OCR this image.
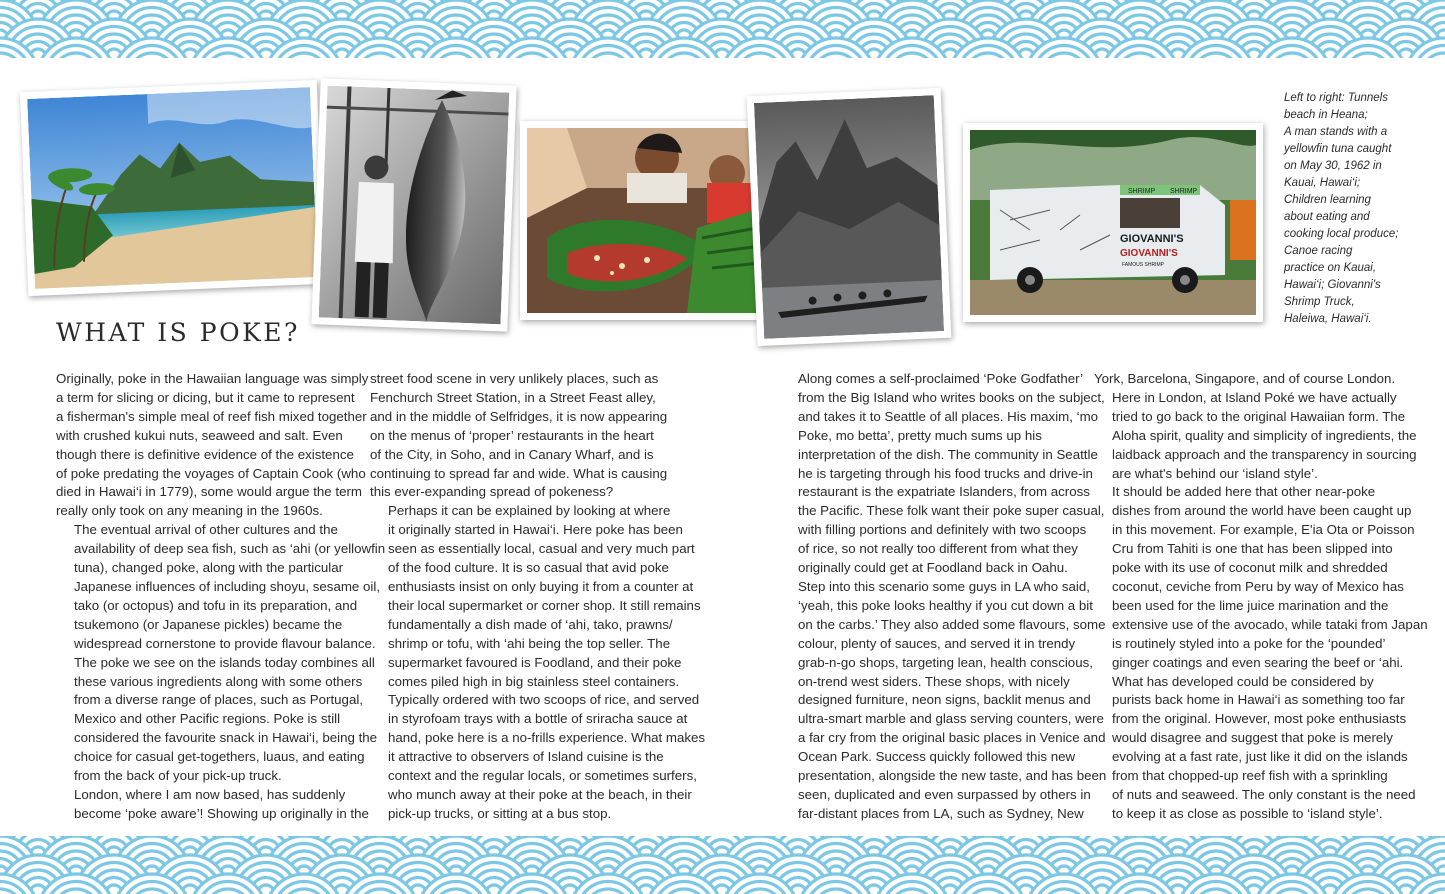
SHRIMP SHRIMP
GIOVANNI'S
GIOVANNI'S
FAMOUS SHRIMP

Left to right: Tunnels
beach in Heana;
A man stands with a
yellowfin tuna caught
on May 30, 1962 in
Kauai, Hawai‘i;
Children learning
about eating and
cooking local produce;
Canoe racing
practice on Kauai,
Hawai‘i; Giovanni's
Shrimp Truck,
Haleiwa, Hawai‘i.

WHAT IS POKE?

Originally, poke in the Hawaiian language was simply
a term for slicing or dicing, but it came to represent
a fisherman's simple meal of reef fish mixed together
with crushed kukui nuts, seaweed and salt. Even
though there is definitive evidence of the existence
of poke predating the voyages of Captain Cook (who
died in Hawai‘i in 1779), some would argue the term
really only took on any meaning in the 1960s.

The eventual arrival of other cultures and the
availability of deep sea fish, such as ‘ahi (or yellowfin
tuna), changed poke, along with the particular
Japanese influences of including shoyu, sesame oil,
tako (or octopus) and tofu in its preparation, and
tsukemono (or Japanese pickles) became the
widespread cornerstone to provide flavour balance.
The poke we see on the islands today combines all
these various ingredients along with some others
from a diverse range of places, such as Portugal,
Mexico and other Pacific regions. Poke is still
considered the favourite snack in Hawai‘i, being the
choice for casual get-togethers, luaus, and eating
from the back of your pick-up truck.

London, where I am now based, has suddenly
become ‘poke aware’! Showing up originally in the

street food scene in very unlikely places, such as
Fenchurch Street Station, in a Street Feast alley,
and in the middle of Selfridges, it is now appearing
on the menus of ‘proper’ restaurants in the heart
of the City, in Soho, and in Canary Wharf, and is
continuing to spread far and wide. What is causing
this ever-expanding spread of pokeness?

Perhaps it can be explained by looking at where
it originally started in Hawai‘i. Here poke has been
seen as essentially local, casual and very much part
of the food culture. It is so casual that avid poke
enthusiasts insist on only buying it from a counter at
their local supermarket or corner shop. It still remains
fundamentally a dish made of ‘ahi, tako, prawns/
shrimp or tofu, with ‘ahi being the top seller. The
supermarket favoured is Foodland, and their poke
comes piled high in big stainless steel containers.
Typically ordered with two scoops of rice, and served
in styrofoam trays with a bottle of sriracha sauce at
hand, poke here is a no-frills experience. What makes
it attractive to observers of Island cuisine is the
context and the regular locals, or sometimes surfers,
who munch away at their poke at the beach, in their
pick-up trucks, or sitting at a bus stop.

Along comes a self-proclaimed ‘Poke Godfather’
from the Big Island who writes books on the subject,
and takes it to Seattle of all places. His maxim, ‘mo
Poke, mo betta’, pretty much sums up his
interpretation of the dish. The community in Seattle
he is targeting through his food trucks and drive-in
restaurant is the expatriate Islanders, from across
the Pacific. These folk want their poke super casual,
with filling portions and definitely with two scoops
of rice, so not really too different from what they
originally could get at Foodland back in Oahu.

Step into this scenario some guys in LA who said,
‘yeah, this poke looks healthy if you cut down a bit
on the carbs.’ They also added some flavours, some
colour, plenty of sauces, and served it in trendy
grab-n-go shops, targeting lean, health conscious,
on-trend west siders. These shops, with nicely
designed furniture, neon signs, backlit menus and
ultra-smart marble and glass serving counters, were
a far cry from the original basic places in Venice and
Ocean Park. Success quickly followed this new
presentation, alongside the new taste, and has been
seen, duplicated and even surpassed by others in
far-distant places from LA, such as Sydney, New

York, Barcelona, Singapore, and of course London.

Here in London, at Island Poké we have actually
tried to go back to the original Hawaiian form. The
Aloha spirit, quality and simplicity of ingredients, the
laidback approach and the transparency in sourcing
are what's behind our ‘island style’.

It should be added here that other near-poke
dishes from around the world have been caught up
in this movement. For example, E'ia Ota or Poisson
Cru from Tahiti is one that has been slipped into
poke with its use of coconut milk and shredded
coconut, ceviche from Peru by way of Mexico has
been used for the lime juice marination and the
extensive use of the avocado, while tataki from Japan
is routinely styled into a poke for the ‘pounded’
ginger coatings and even searing the beef or ‘ahi.

What has developed could be considered by
purists back home in Hawai‘i as something too far
from the original. However, most poke enthusiasts
would disagree and suggest that poke is merely
evolving at a fast rate, just like it did on the islands
from that chopped-up reef fish with a sprinkling
of nuts and seaweed. The only constant is the need
to keep it as close as possible to ‘island style’.
